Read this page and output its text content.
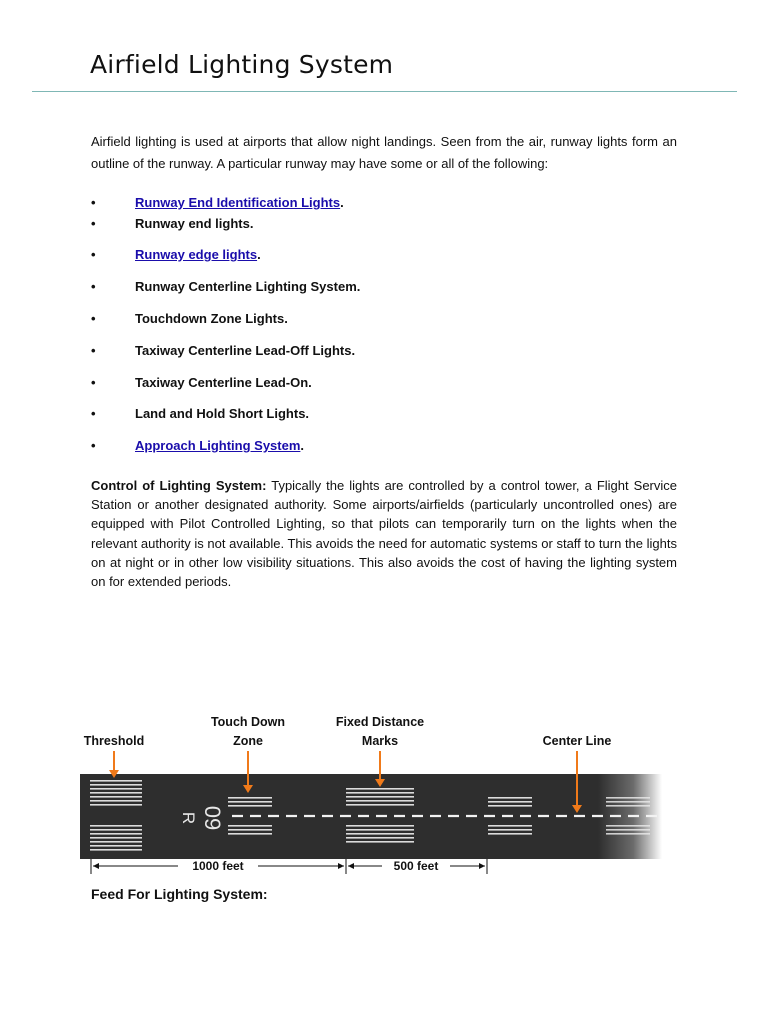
Airfield Lighting System

Airfield lighting is used at airports that allow night landings. Seen from the air, runway lights form an outline of the runway. A particular runway may have some or all of the following:

•	Runway End Identification Lights.
•	Runway end lights.
•	Runway edge lights.
•	Runway Centerline Lighting System.
•	Touchdown Zone Lights.
•	Taxiway Centerline Lead-Off Lights.
•	Taxiway Centerline Lead-On.
•	Land and Hold Short Lights.
•	Approach Lighting System.

Control of Lighting System: Typically the lights are controlled by a control tower, a Flight Service Station or another designated authority. Some airports/airfields (particularly uncontrolled ones) are equipped with Pilot Controlled Lighting, so that pilots can temporarily turn on the lights when the relevant authority is not available. This avoids the need for automatic systems or staff to turn the lights on at night or in other low visibility situations. This also avoids the cost of having the lighting system on for extended periods.

Threshold
Touch Down
Zone
Fixed Distance
Marks	Center Line
09
R
1000 feet	500 feet
Feed For Lighting System:
